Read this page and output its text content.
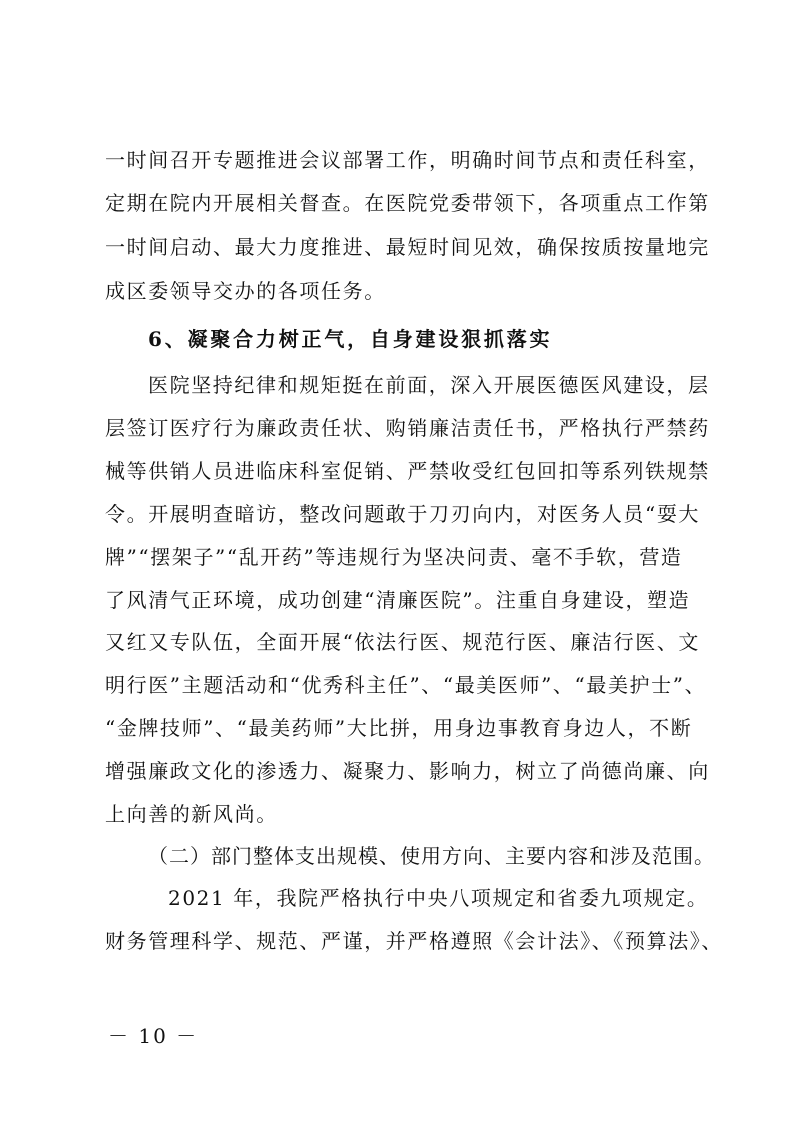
一时间召开专题推进会议部署工作，明确时间节点和责任科室，
定期在院内开展相关督查。在医院党委带领下，各项重点工作第
一时间启动、最大力度推进、最短时间见效，确保按质按量地完
成区委领导交办的各项任务。
6、凝聚合力树正气，自身建设狠抓落实
医院坚持纪律和规矩挺在前面，深入开展医德医风建设，层
层签订医疗行为廉政责任状、购销廉洁责任书，严格执行严禁药
械等供销人员进临床科室促销、严禁收受红包回扣等系列铁规禁
令。开展明查暗访，整改问题敢于刀刃向内，对医务人员“耍大
牌”“摆架子”“乱开药”等违规行为坚决问责、毫不手软，营造
了风清气正环境，成功创建“清廉医院”。注重自身建设，塑造
又红又专队伍，全面开展“依法行医、规范行医、廉洁行医、文
明行医”主题活动和“优秀科主任”、“最美医师”、“最美护士”、
“金牌技师”、“最美药师”大比拼，用身边事教育身边人，不断
增强廉政文化的渗透力、凝聚力、影响力，树立了尚德尚廉、向
上向善的新风尚。
（二）部门整体支出规模、使用方向、主要内容和涉及范围。
2021 年，我院严格执行中央八项规定和省委九项规定。
财务管理科学、规范、严谨，并严格遵照《会计法》、《预算法》、
－ 10 －
